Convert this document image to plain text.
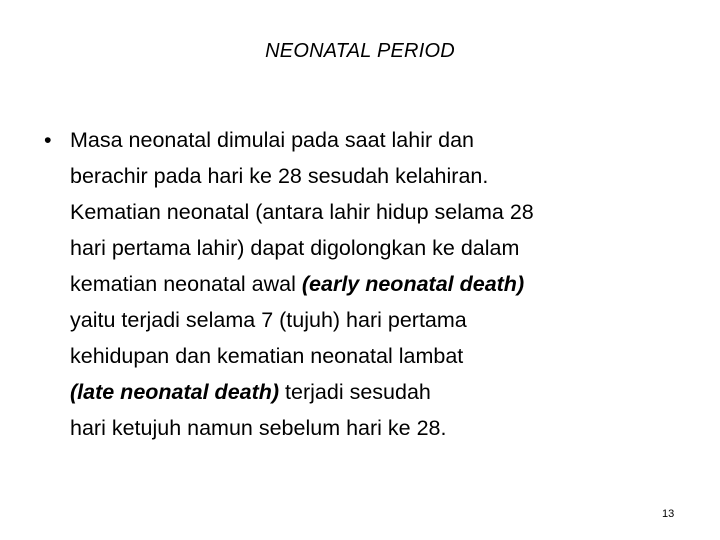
NEONATAL PERIOD
• Masa neonatal dimulai pada saat lahir dan
berachir pada hari ke 28 sesudah kelahiran.
Kematian neonatal (antara lahir hidup selama 28
hari pertama lahir) dapat digolongkan ke dalam
kematian neonatal awal (early neonatal death)
yaitu terjadi selama 7 (tujuh) hari pertama
kehidupan dan kematian neonatal lambat
(late neonatal death) terjadi sesudah
hari ketujuh namun sebelum hari ke 28.
13
